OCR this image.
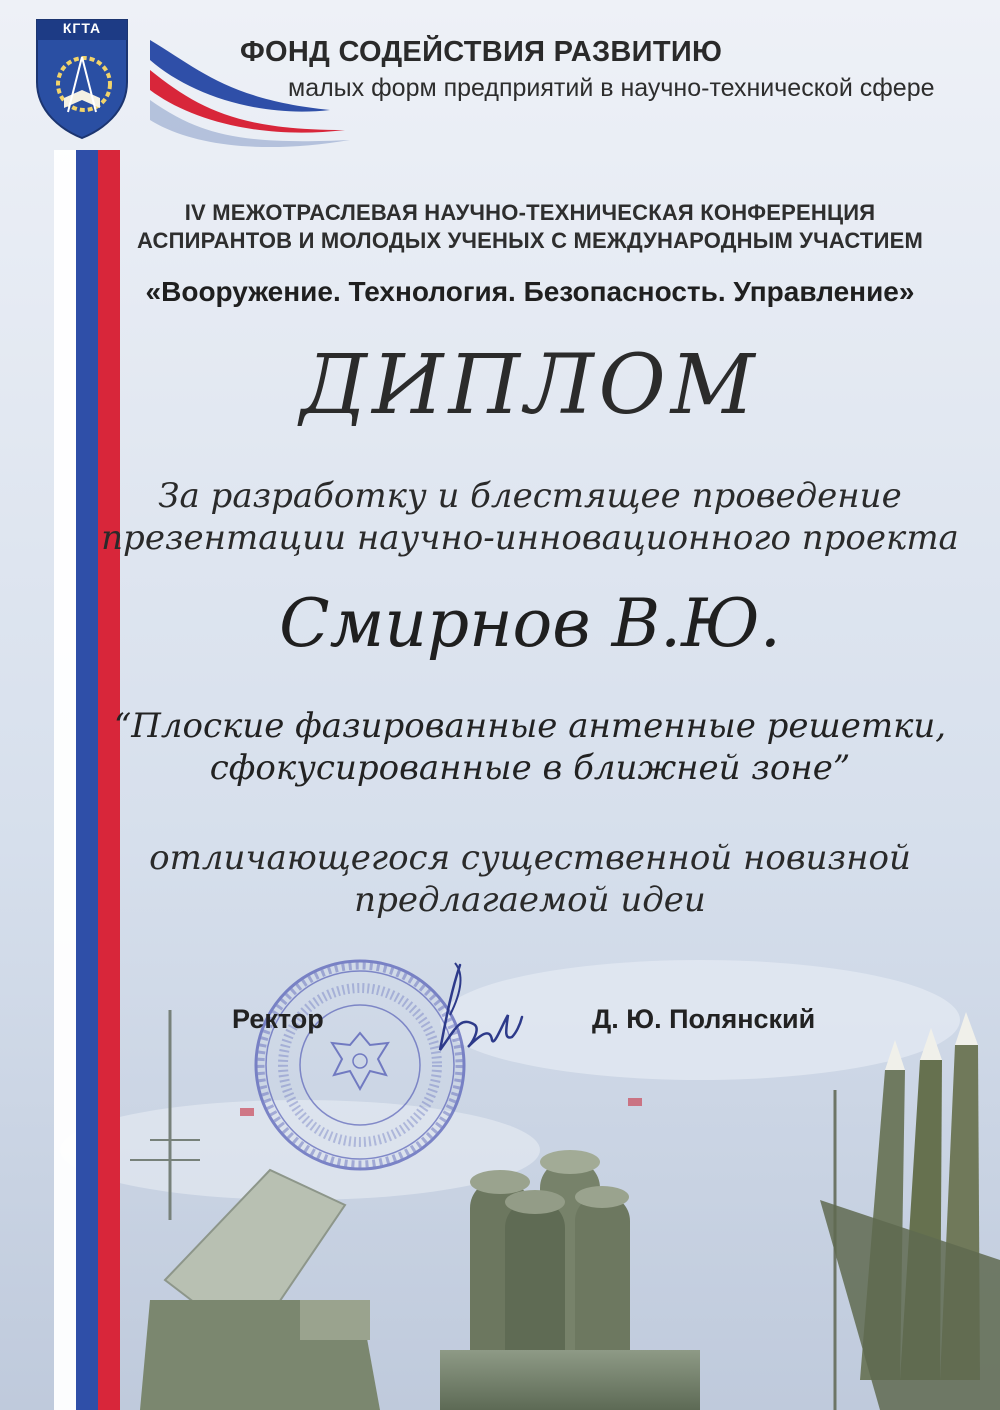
КГТА
ФОНД СОДЕЙСТВИЯ РАЗВИТИЮ
малых форм предприятий в научно-технической сфере
IV МЕЖОТРАСЛЕВАЯ НАУЧНО-ТЕХНИЧЕСКАЯ КОНФЕРЕНЦИЯ
АСПИРАНТОВ И МОЛОДЫХ УЧЕНЫХ С МЕЖДУНАРОДНЫМ УЧАСТИЕМ
«Вооружение. Технология. Безопасность. Управление»
ДИПЛОМ
За разработку и блестящее проведение
презентации научно-инновационного проекта
Смирнов В.Ю.
“Плоские фазированные антенные решетки,
сфокусированные в ближней зоне”
отличающегося существенной новизной
предлагаемой идеи
Ректор	Д. Ю. Полянский
